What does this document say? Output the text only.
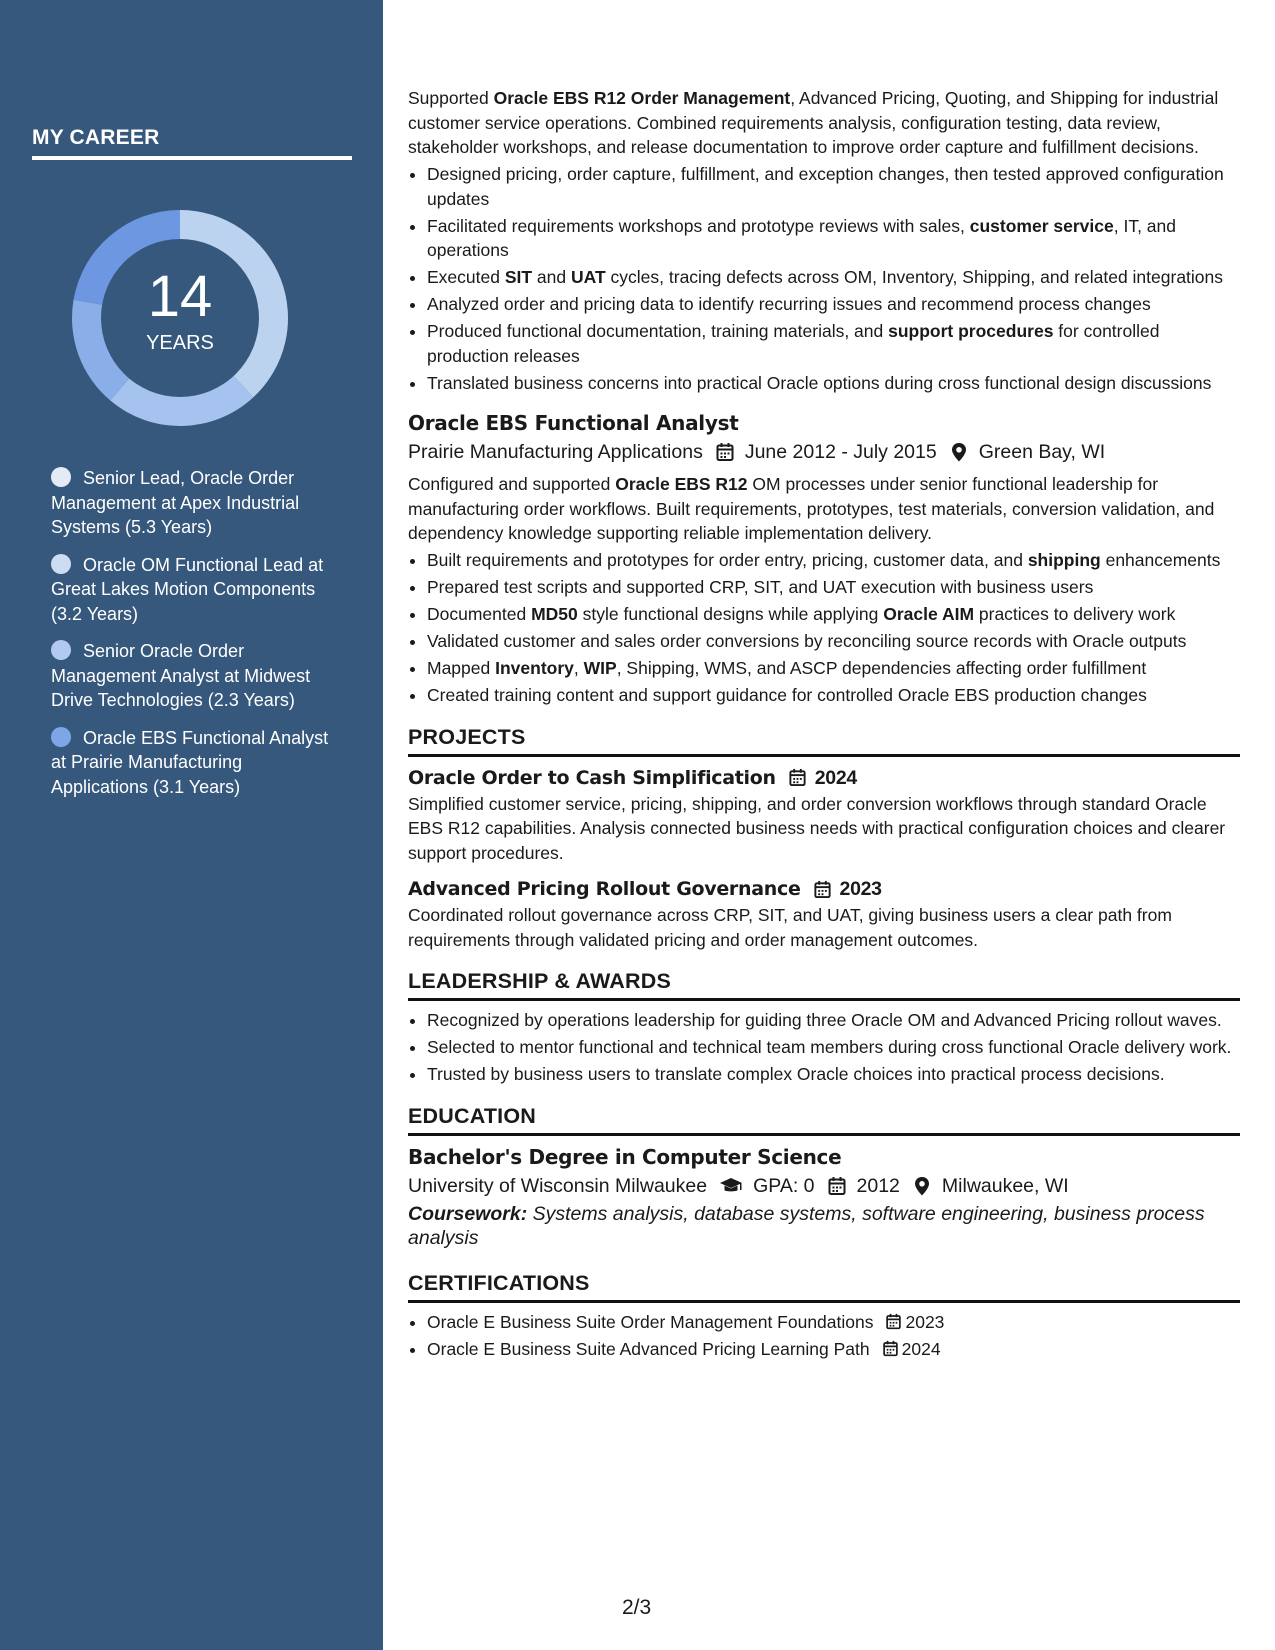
MY CAREER
14
YEARS
Senior Lead, Oracle Order Management at Apex Industrial Systems (5.3 Years)
Oracle OM Functional Lead at Great Lakes Motion Components (3.2 Years)
Senior Oracle Order Management Analyst at Midwest Drive Technologies (2.3 Years)
Oracle EBS Functional Analyst at Prairie Manufacturing Applications (3.1 Years)

Supported Oracle EBS R12 Order Management, Advanced Pricing, Quoting, and Shipping for industrial customer service operations. Combined requirements analysis, configuration testing, data review, stakeholder workshops, and release documentation to improve order capture and fulfillment decisions.

• Designed pricing, order capture, fulfillment, and exception changes, then tested approved configuration updates
• Facilitated requirements workshops and prototype reviews with sales, customer service, IT, and operations
• Executed SIT and UAT cycles, tracing defects across OM, Inventory, Shipping, and related integrations
• Analyzed order and pricing data to identify recurring issues and recommend process changes
• Produced functional documentation, training materials, and support procedures for controlled production releases
• Translated business concerns into practical Oracle options during cross functional design discussions
Oracle EBS Functional Analyst
Prairie Manufacturing Applications June 2012 - July 2015 Green Bay, WI

Configured and supported Oracle EBS R12 OM processes under senior functional leadership for manufacturing order workflows. Built requirements, prototypes, test materials, conversion validation, and dependency knowledge supporting reliable implementation delivery.

• Built requirements and prototypes for order entry, pricing, customer data, and shipping enhancements
• Prepared test scripts and supported CRP, SIT, and UAT execution with business users
• Documented MD50 style functional designs while applying Oracle AIM practices to delivery work
• Validated customer and sales order conversions by reconciling source records with Oracle outputs
• Mapped Inventory, WIP, Shipping, WMS, and ASCP dependencies affecting order fulfillment
• Created training content and support guidance for controlled Oracle EBS production changes
PROJECTS
Oracle Order to Cash Simplification 2024

Simplified customer service, pricing, shipping, and order conversion workflows through standard Oracle EBS R12 capabilities. Analysis connected business needs with practical configuration choices and clearer support procedures.

Advanced Pricing Rollout Governance 2023

Coordinated rollout governance across CRP, SIT, and UAT, giving business users a clear path from requirements through validated pricing and order management outcomes.

LEADERSHIP & AWARDS
• Recognized by operations leadership for guiding three Oracle OM and Advanced Pricing rollout waves.
• Selected to mentor functional and technical team members during cross functional Oracle delivery work.
• Trusted by business users to translate complex Oracle choices into practical process decisions.
EDUCATION
Bachelor's Degree in Computer Science
University of Wisconsin Milwaukee GPA: 0 2012 Milwaukee, WI

Coursework: Systems analysis, database systems, software engineering, business process analysis

CERTIFICATIONS
• Oracle E Business Suite Order Management Foundations 2023
• Oracle E Business Suite Advanced Pricing Learning Path 2024
2/3
